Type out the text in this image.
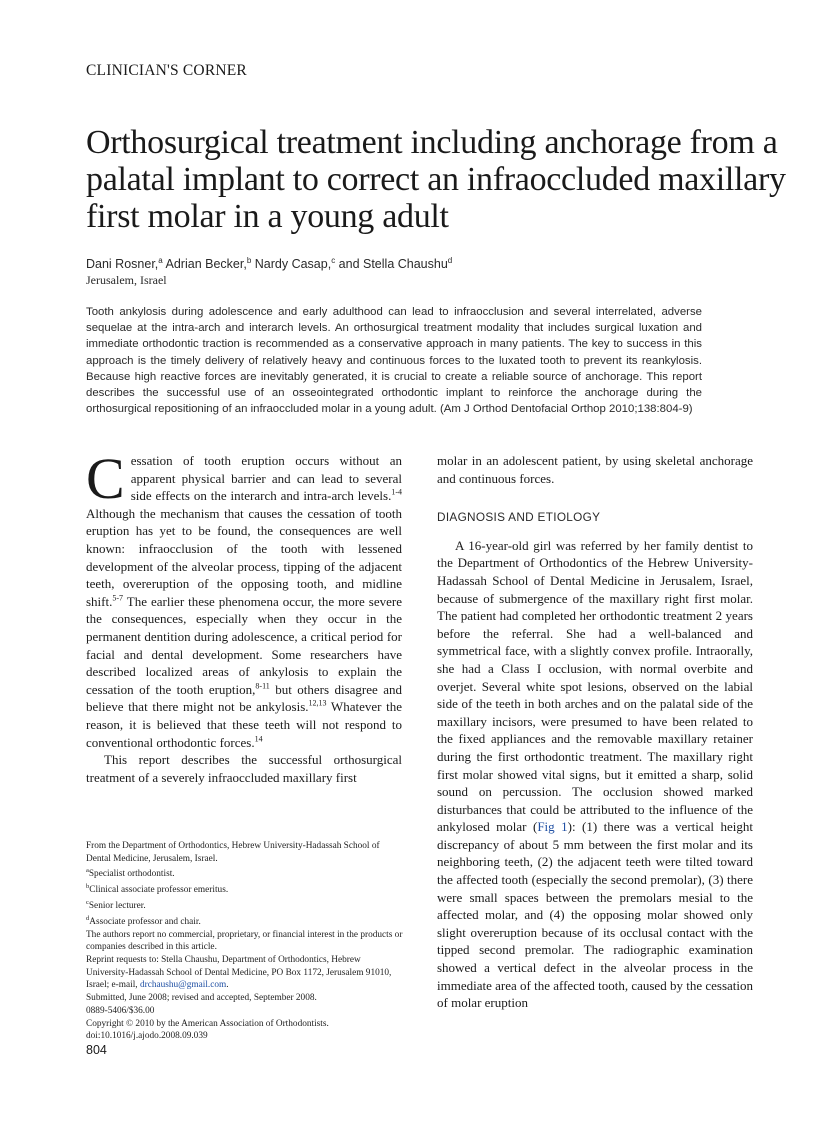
CLINICIAN'S CORNER
Orthosurgical treatment including anchorage from a palatal implant to correct an infraoccluded maxillary first molar in a young adult
Dani Rosner,$^a$ Adrian Becker,$^b$ Nardy Casap,$^c$ and Stella Chaushu$^d$
Jerusalem, Israel

Tooth ankylosis during adolescence and early adulthood can lead to infraocclusion and several interrelated, adverse sequelae at the intra-arch and interarch levels. An orthosurgical treatment modality that includes surgical luxation and immediate orthodontic traction is recommended as a conservative approach in many patients. The key to success in this approach is the timely delivery of relatively heavy and continuous forces to the luxated tooth to prevent its reankylosis. Because high reactive forces are inevitably generated, it is crucial to create a reliable source of anchorage. This report describes the successful use of an osseointegrated orthodontic implant to reinforce the anchorage during the orthosurgical repositioning of an infraoccluded molar in a young adult. (Am J Orthod Dentofacial Orthop 2010;138:804-9)

Cessation of tooth eruption occurs without an apparent physical barrier and can lead to several side effects on the interarch and intra-arch levels.$^{1-4}$ Although the mechanism that causes the cessation of tooth eruption has yet to be found, the consequences are well known: infraocclusion of the tooth with lessened development of the alveolar process, tipping of the adjacent teeth, overeruption of the opposing tooth, and midline shift.$^{5-7}$ The earlier these phenomena occur, the more severe the consequences, especially when they occur in the permanent dentition during adolescence, a critical period for facial and dental development. Some researchers have described localized areas of ankylosis to explain the cessation of the tooth eruption,$^{8-11}$ but others disagree and believe that there might not be ankylosis.$^{12,13}$ Whatever the reason, it is believed that these teeth will not respond to conventional orthodontic forces.$^{14}$

This report describes the successful orthosurgical treatment of a severely infraoccluded maxillary first

molar in an adolescent patient, by using skeletal anchorage and continuous forces.

DIAGNOSIS AND ETIOLOGY

A 16-year-old girl was referred by her family dentist to the Department of Orthodontics of the Hebrew University-Hadassah School of Dental Medicine in Jerusalem, Israel, because of submergence of the maxillary right first molar. The patient had completed her orthodontic treatment 2 years before the referral. She had a well-balanced and symmetrical face, with a slightly convex profile. Intraorally, she had a Class I occlusion, with normal overbite and overjet. Several white spot lesions, observed on the labial side of the teeth in both arches and on the palatal side of the maxillary incisors, were presumed to have been related to the fixed appliances and the removable maxillary retainer during the first orthodontic treatment. The maxillary right first molar showed vital signs, but it emitted a sharp, solid sound on percussion. The occlusion showed marked disturbances that could be attributed to the influence of the ankylosed molar (Fig 1): (1) there was a vertical height discrepancy of about 5 mm between the first molar and its neighboring teeth, (2) the adjacent teeth were tilted toward the affected tooth (especially the second premolar), (3) there were small spaces between the premolars mesial to the affected molar, and (4) the opposing molar showed only slight overeruption because of its occlusal contact with the tipped second premolar. The radiographic examination showed a vertical defect in the alveolar process in the immediate area of the affected tooth, caused by the cessation of molar eruption

From the Department of Orthodontics, Hebrew University-Hadassah School of Dental Medicine, Jerusalem, Israel.
$^a$Specialist orthodontist.
$^b$Clinical associate professor emeritus.
$^c$Senior lecturer.
$^d$Associate professor and chair.
The authors report no commercial, proprietary, or financial interest in the products or companies described in this article.
Reprint requests to: Stella Chaushu, Department of Orthodontics, Hebrew University-Hadassah School of Dental Medicine, PO Box 1172, Jerusalem 91010, Israel; e-mail, drchaushu@gmail.com.
Submitted, June 2008; revised and accepted, September 2008.
0889-5406/$36.00
Copyright © 2010 by the American Association of Orthodontists.
doi:10.1016/j.ajodo.2008.09.039
804
